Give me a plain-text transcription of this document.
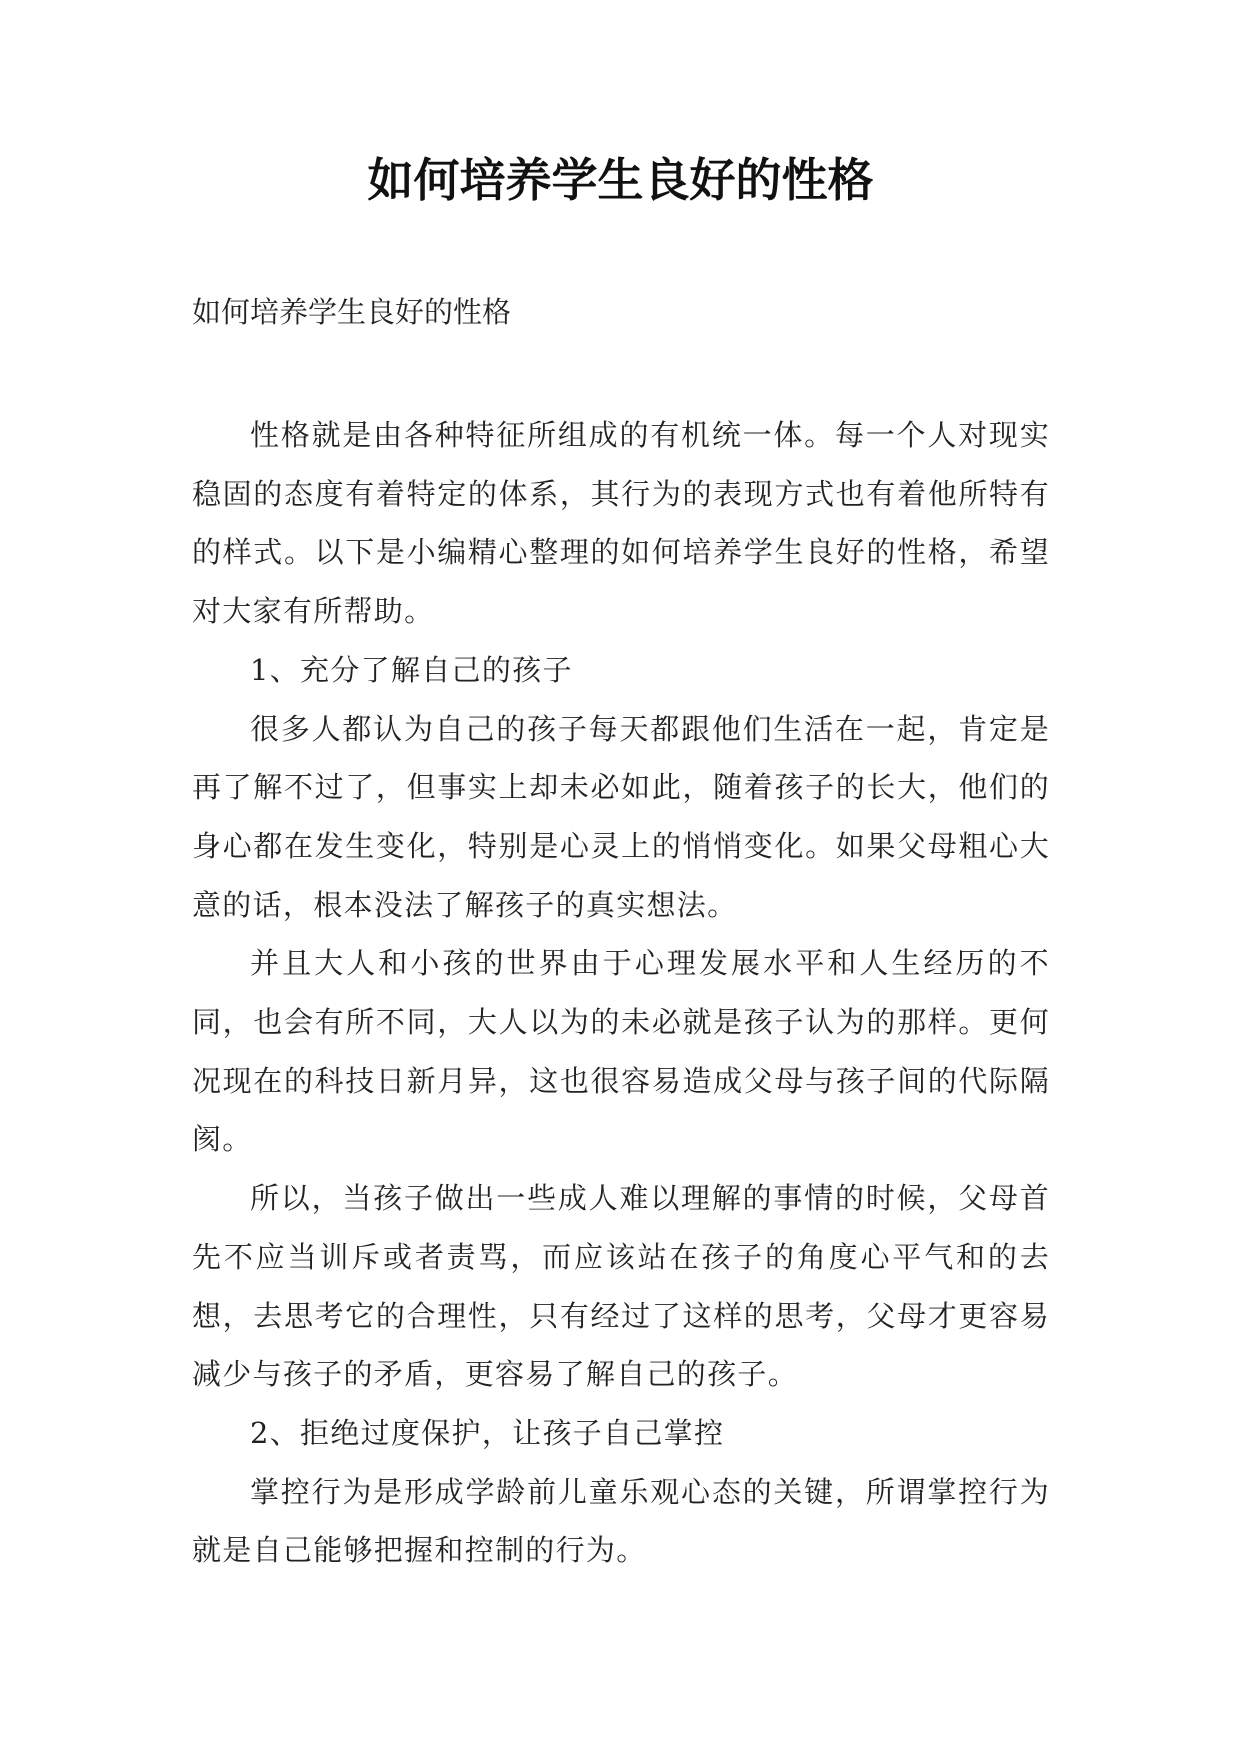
如何培养学生良好的性格

如何培养学生良好的性格

性格就是由各种特征所组成的有机统一体。每一个人对现实稳固的态度有着特定的体系，其行为的表现方式也有着他所特有的样式。以下是小编精心整理的如何培养学生良好的性格，希望对大家有所帮助。

1、充分了解自己的孩子

很多人都认为自己的孩子每天都跟他们生活在一起，肯定是再了解不过了，但事实上却未必如此，随着孩子的长大，他们的身心都在发生变化，特别是心灵上的悄悄变化。如果父母粗心大意的话，根本没法了解孩子的真实想法。

并且大人和小孩的世界由于心理发展水平和人生经历的不同，也会有所不同，大人以为的未必就是孩子认为的那样。更何况现在的科技日新月异，这也很容易造成父母与孩子间的代际隔阂。

所以，当孩子做出一些成人难以理解的事情的时候，父母首先不应当训斥或者责骂，而应该站在孩子的角度心平气和的去想，去思考它的合理性，只有经过了这样的思考，父母才更容易减少与孩子的矛盾，更容易了解自己的孩子。

2、拒绝过度保护，让孩子自己掌控

掌控行为是形成学龄前儿童乐观心态的关键，所谓掌控行为就是自己能够把握和控制的行为。
